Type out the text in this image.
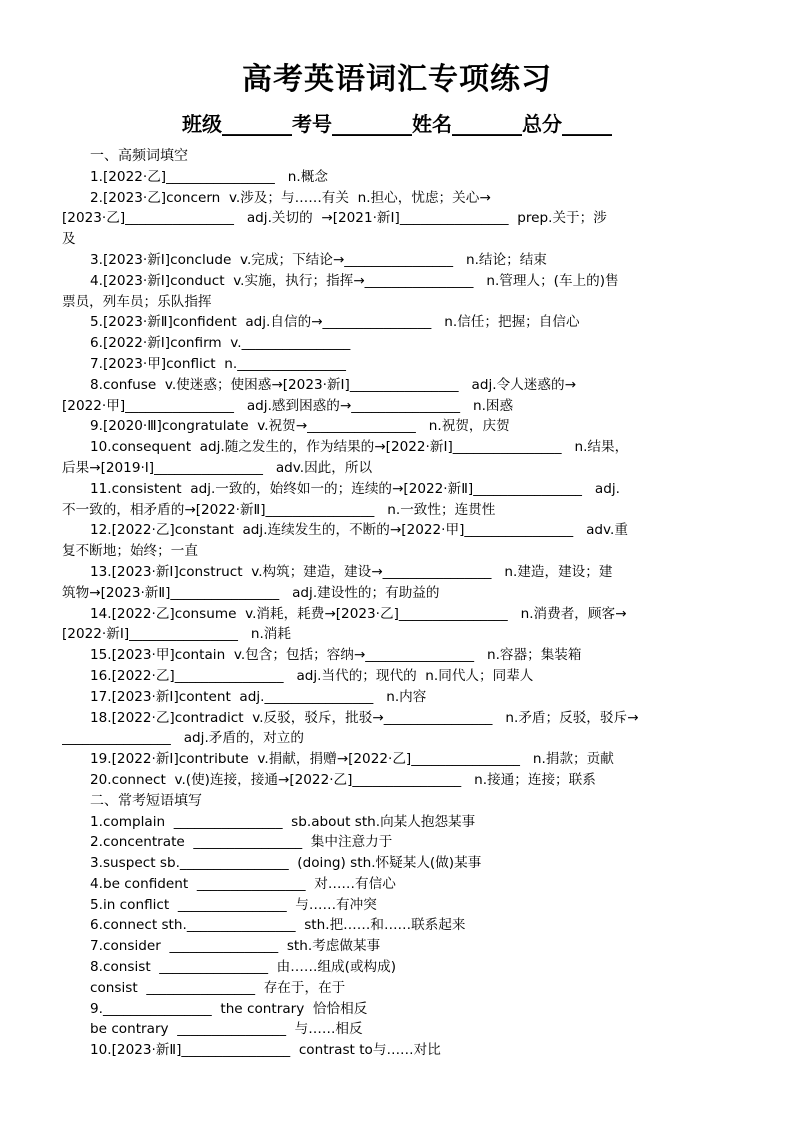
高考英语词汇专项练习
班级_______考号________姓名_______总分_____
一、高频词填空
1.[2022·乙]________________   n.概念
2.[2023·乙]concern  v.涉及；与……有关  n.担心，忧虑；关心→
[2023·乙]________________   adj.关切的  →[2021·新Ⅰ]________________  prep.关于；涉
及
3.[2023·新Ⅰ]conclude  v.完成；下结论→________________   n.结论；结束
4.[2023·新Ⅰ]conduct  v.实施，执行；指挥→________________   n.管理人；(车上的)售
票员，列车员；乐队指挥
5.[2023·新Ⅱ]confident  adj.自信的→________________   n.信任；把握；自信心
6.[2022·新Ⅰ]confirm  v.________________
7.[2023·甲]conflict  n.________________
8.confuse  v.使迷惑；使困惑→[2023·新Ⅰ]________________   adj.令人迷惑的→
[2022·甲]________________   adj.感到困惑的→________________   n.困惑
9.[2020·Ⅲ]congratulate  v.祝贺→________________   n.祝贺，庆贺
10.consequent  adj.随之发生的，作为结果的→[2022·新Ⅰ]________________   n.结果，
后果→[2019·Ⅰ]________________   adv.因此，所以
11.consistent  adj.一致的，始终如一的；连续的→[2022·新Ⅱ]________________   adj.
不一致的，相矛盾的→[2022·新Ⅱ]________________   n.一致性；连贯性
12.[2022·乙]constant  adj.连续发生的，不断的→[2022·甲]________________   adv.重
复不断地；始终；一直
13.[2023·新Ⅰ]construct  v.构筑；建造，建设→________________   n.建造，建设；建
筑物→[2023·新Ⅱ]________________   adj.建设性的；有助益的
14.[2022·乙]consume  v.消耗，耗费→[2023·乙]________________   n.消费者，顾客→
[2022·新Ⅰ]________________   n.消耗
15.[2023·甲]contain  v.包含；包括；容纳→________________   n.容器；集装箱
16.[2022·乙]________________   adj.当代的；现代的  n.同代人；同辈人
17.[2023·新Ⅰ]content  adj.________________   n.内容
18.[2022·乙]contradict  v.反驳，驳斥，批驳→________________   n.矛盾；反驳，驳斥→
________________   adj.矛盾的，对立的
19.[2022·新Ⅰ]contribute  v.捐献，捐赠→[2022·乙]________________   n.捐款；贡献
20.connect  v.(使)连接，接通→[2022·乙]________________   n.接通；连接；联系
二、常考短语填写
1.complain  ________________  sb.about sth.向某人抱怨某事
2.concentrate  ________________  集中注意力于
3.suspect sb.________________  (doing) sth.怀疑某人(做)某事
4.be confident  ________________  对……有信心
5.in conflict  ________________  与……有冲突
6.connect sth.________________  sth.把……和……联系起来
7.consider  ________________  sth.考虑做某事
8.consist  ________________  由……组成(或构成)
consist  ________________  存在于，在于
9.________________  the contrary  恰恰相反
be contrary  ________________  与……相反
10.[2023·新Ⅱ]________________  contrast to与……对比
